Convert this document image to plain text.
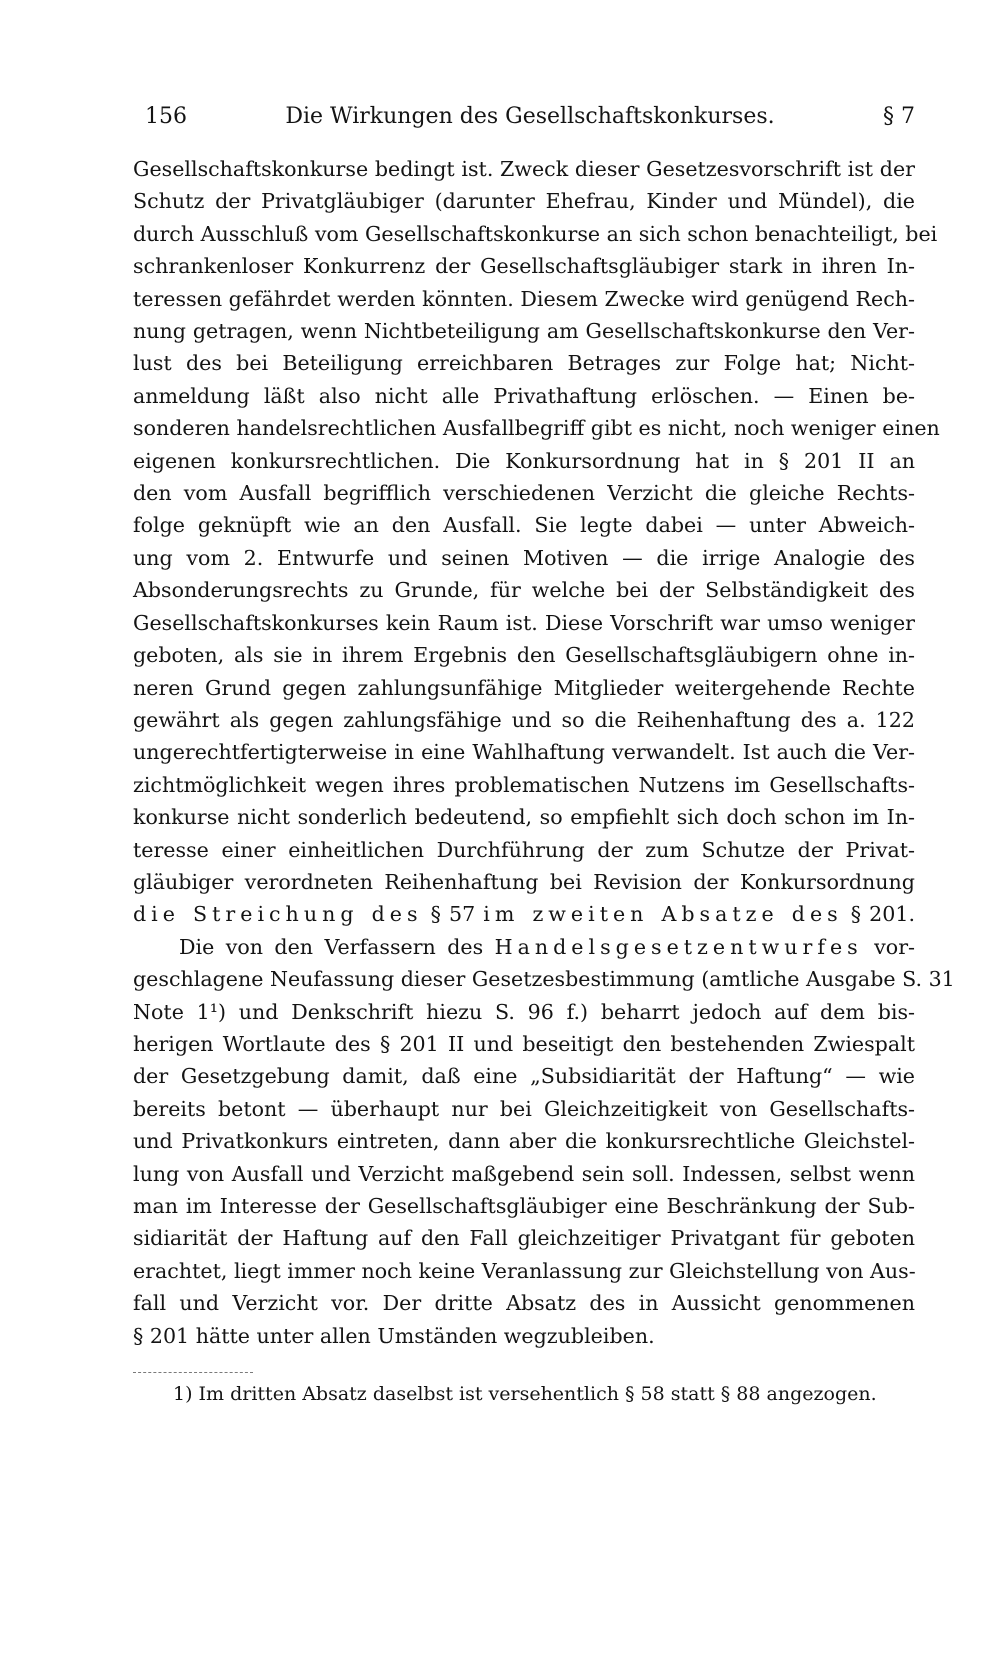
156	Die Wirkungen des Gesellschaftskonkurses.	§ 7
Gesellschaftskonkurse bedingt ist. Zweck dieser Gesetzesvorschrift ist der
Schutz der Privatgläubiger (darunter Ehefrau, Kinder und Mündel), die
durch Ausschluß vom Gesellschaftskonkurse an sich schon benachteiligt, bei
schrankenloser Konkurrenz der Gesellschaftsgläubiger stark in ihren In-
teressen gefährdet werden könnten. Diesem Zwecke wird genügend Rech-
nung getragen, wenn Nichtbeteiligung am Gesellschaftskonkurse den Ver-
lust des bei Beteiligung erreichbaren Betrages zur Folge hat; Nicht-
anmeldung läßt also nicht alle Privathaftung erlöschen. — Einen be-
sonderen handelsrechtlichen Ausfallbegriff gibt es nicht, noch weniger einen
eigenen konkursrechtlichen. Die Konkursordnung hat in § 201 II an
den vom Ausfall begrifflich verschiedenen Verzicht die gleiche Rechts-
folge geknüpft wie an den Ausfall. Sie legte dabei — unter Abweich-
ung vom 2. Entwurfe und seinen Motiven — die irrige Analogie des
Absonderungsrechts zu Grunde, für welche bei der Selbständigkeit des
Gesellschaftskonkurses kein Raum ist. Diese Vorschrift war umso weniger
geboten, als sie in ihrem Ergebnis den Gesellschaftsgläubigern ohne in-
neren Grund gegen zahlungsunfähige Mitglieder weitergehende Rechte
gewährt als gegen zahlungsfähige und so die Reihenhaftung des a. 122
ungerechtfertigterweise in eine Wahlhaftung verwandelt. Ist auch die Ver-
zichtmöglichkeit wegen ihres problematischen Nutzens im Gesellschafts-
konkurse nicht sonderlich bedeutend, so empfiehlt sich doch schon im In-
teresse einer einheitlichen Durchführung der zum Schutze der Privat-
gläubiger verordneten Reihenhaftung bei Revision der Konkursordnung
die Streichung des § 57 im zweiten Absatze des § 201.
Die von den Verfassern des Handelsgesetzentwurfes vor-
geschlagene Neufassung dieser Gesetzesbestimmung (amtliche Ausgabe S. 31
Note 1¹) und Denkschrift hiezu S. 96 f.) beharrt jedoch auf dem bis-
herigen Wortlaute des § 201 II und beseitigt den bestehenden Zwiespalt
der Gesetzgebung damit, daß eine „Subsidiarität der Haftung“ — wie
bereits betont — überhaupt nur bei Gleichzeitigkeit von Gesellschafts-
und Privatkonkurs eintreten, dann aber die konkursrechtliche Gleichstel-
lung von Ausfall und Verzicht maßgebend sein soll. Indessen, selbst wenn
man im Interesse der Gesellschaftsgläubiger eine Beschränkung der Sub-
sidiarität der Haftung auf den Fall gleichzeitiger Privatgant für geboten
erachtet, liegt immer noch keine Veranlassung zur Gleichstellung von Aus-
fall und Verzicht vor. Der dritte Absatz des in Aussicht genommenen
§ 201 hätte unter allen Umständen wegzubleiben.
1) Im dritten Absatz daselbst ist versehentlich § 58 statt § 88 angezogen.
